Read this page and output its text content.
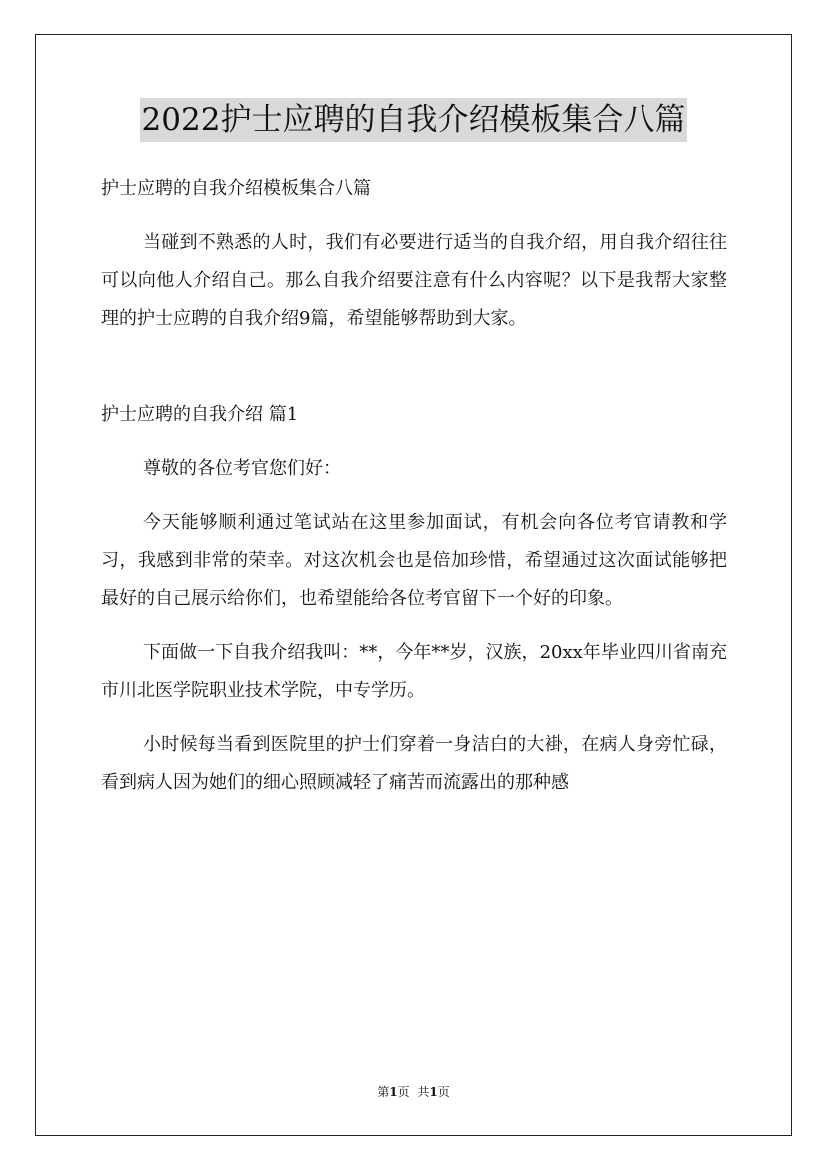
2022护士应聘的自我介绍模板集合八篇

护士应聘的自我介绍模板集合八篇

当碰到不熟悉的人时，我们有必要进行适当的自我介绍，用自我介绍往往可以向他人介绍自己。那么自我介绍要注意有什么内容呢？以下是我帮大家整理的护士应聘的自我介绍9篇，希望能够帮助到大家。

护士应聘的自我介绍 篇1

尊敬的各位考官您们好：

今天能够顺利通过笔试站在这里参加面试，有机会向各位考官请教和学习，我感到非常的荣幸。对这次机会也是倍加珍惜，希望通过这次面试能够把最好的自己展示给你们，也希望能给各位考官留下一个好的印象。

下面做一下自我介绍我叫：**，今年**岁，汉族，20xx年毕业四川省南充市川北医学院职业技术学院，中专学历。

小时候每当看到医院里的护士们穿着一身洁白的大褂，在病人身旁忙碌，看到病人因为她们的细心照顾减轻了痛苦而流露出的那种感

第1页 共1页
